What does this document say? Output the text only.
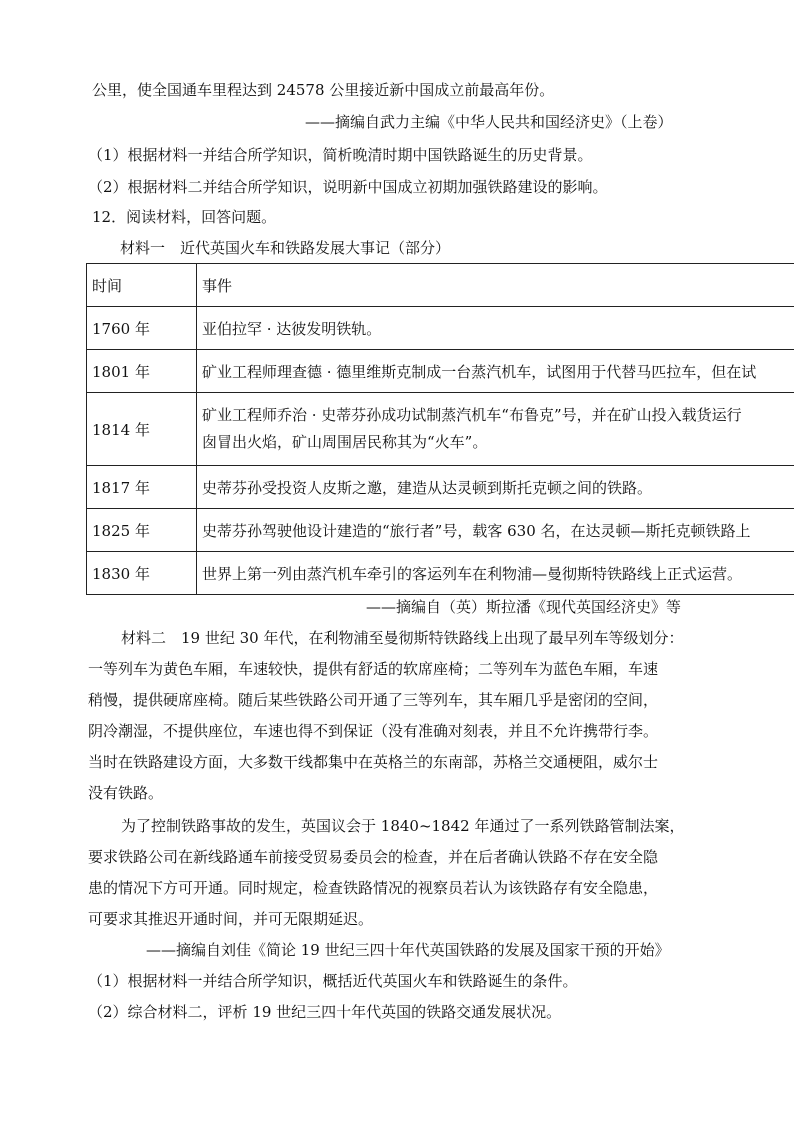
公里，使全国通车里程达到 24578 公里接近新中国成立前最高年份。
——摘编自武力主编《中华人民共和国经济史》（上卷）
（1）根据材料一并结合所学知识，简析晚清时期中国铁路诞生的历史背景。
（2）根据材料二并结合所学知识，说明新中国成立初期加强铁路建设的影响。
12．阅读材料，回答问题。
材料一　近代英国火车和铁路发展大事记（部分）
时间	事件
1760 年	亚伯拉罕 · 达彼发明铁轨。
1801 年	矿业工程师理查德 · 德里维斯克制成一台蒸汽机车，试图用于代替马匹拉车，但在试
1814 年	矿业工程师乔治 · 史蒂芬孙成功试制蒸汽机车“布鲁克”号，并在矿山投入载货运行
囱冒出火焰，矿山周围居民称其为“火车”。

1817 年	史蒂芬孙受投资人皮斯之邀，建造从达灵顿到斯托克顿之间的铁路。
1825 年	史蒂芬孙驾驶他设计建造的“旅行者”号，载客 630 名，在达灵顿—斯托克顿铁路上
1830 年	世界上第一列由蒸汽机车牵引的客运列车在利物浦—曼彻斯特铁路线上正式运营。
——摘编自（英）斯拉潘《现代英国经济史》等
　材料二　19 世纪 30 年代，在利物浦至曼彻斯特铁路线上出现了最早列车等级划分：
一等列车为黄色车厢，车速较快，提供有舒适的软席座椅；二等列车为蓝色车厢，车速
稍慢，提供硬席座椅。随后某些铁路公司开通了三等列车，其车厢几乎是密闭的空间，
阴冷潮湿，不提供座位，车速也得不到保证（没有准确对刻表，并且不允许携带行李。
当时在铁路建设方面，大多数干线都集中在英格兰的东南部，苏格兰交通梗阻，威尔士
没有铁路。
　为了控制铁路事故的发生，英国议会于 1840~1842 年通过了一系列铁路管制法案，
要求铁路公司在新线路通车前接受贸易委员会的检查，并在后者确认铁路不存在安全隐
患的情况下方可开通。同时规定，检查铁路情况的视察员若认为该铁路存有安全隐患，
可要求其推迟开通时间，并可无限期延迟。
——摘编自刘佳《简论 19 世纪三四十年代英国铁路的发展及国家干预的开始》
（1）根据材料一并结合所学知识，概括近代英国火车和铁路诞生的条件。
（2）综合材料二，评析 19 世纪三四十年代英国的铁路交通发展状况。
